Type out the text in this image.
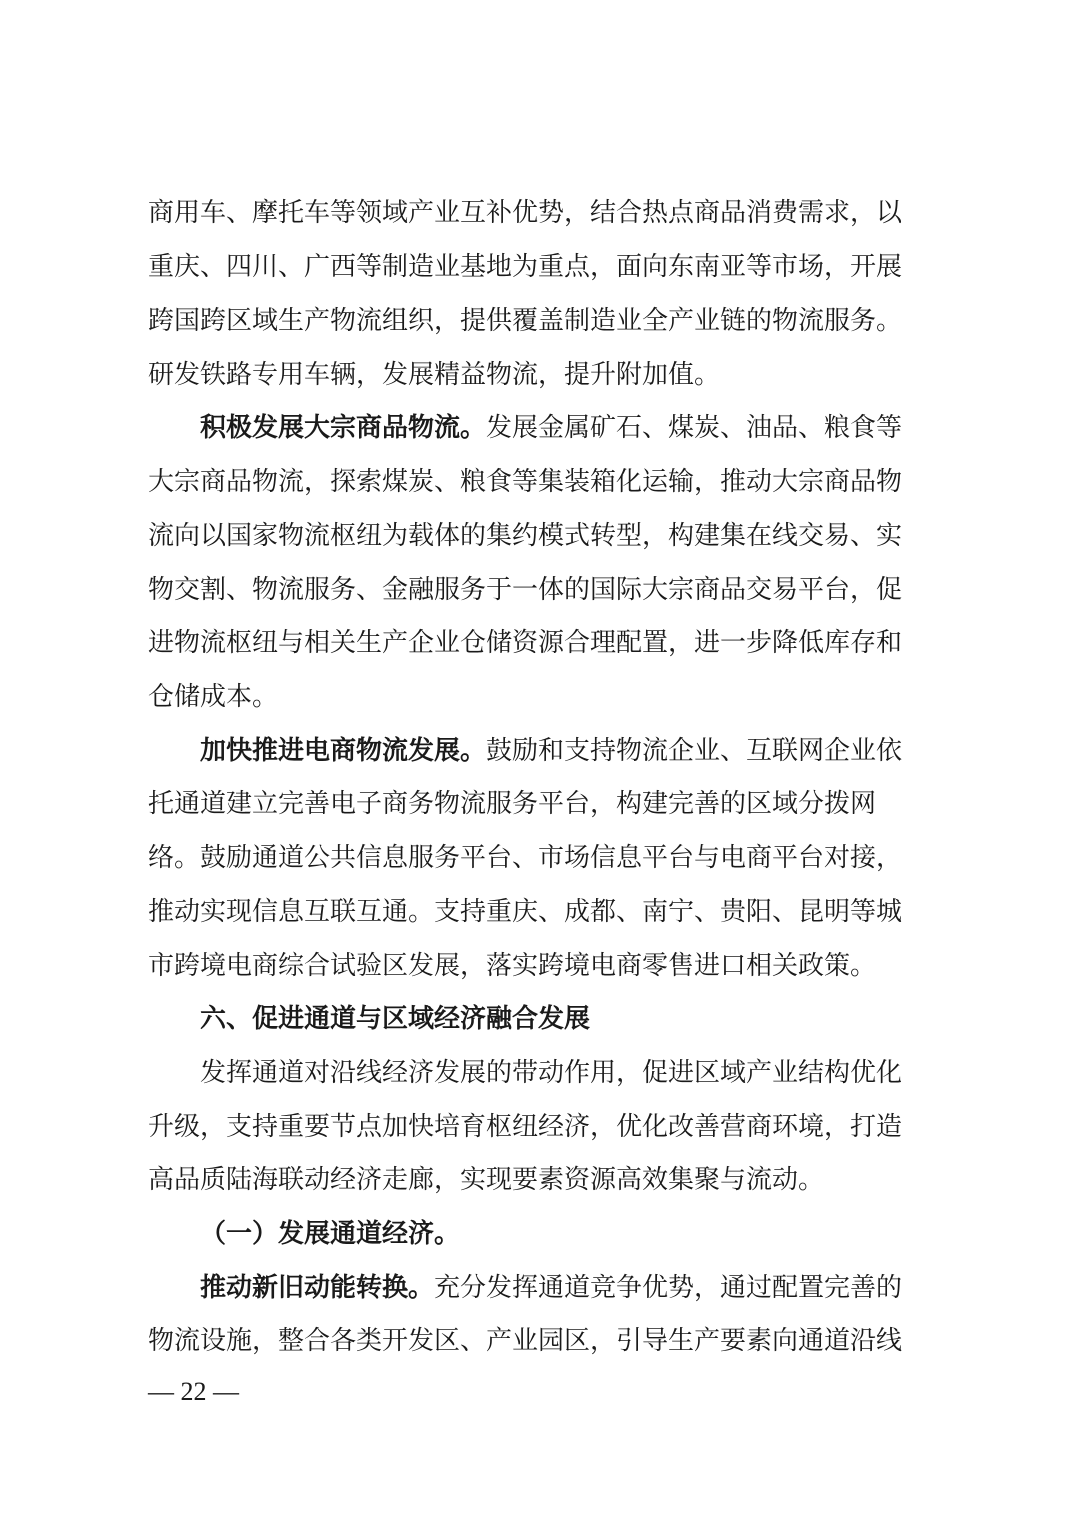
商用车、摩托车等领域产业互补优势，结合热点商品消费需求，以
重庆、四川、广西等制造业基地为重点，面向东南亚等市场，开展
跨国跨区域生产物流组织，提供覆盖制造业全产业链的物流服务。
研发铁路专用车辆，发展精益物流，提升附加值。
积极发展大宗商品物流。发展金属矿石、煤炭、油品、粮食等
大宗商品物流，探索煤炭、粮食等集装箱化运输，推动大宗商品物
流向以国家物流枢纽为载体的集约模式转型，构建集在线交易、实
物交割、物流服务、金融服务于一体的国际大宗商品交易平台，促
进物流枢纽与相关生产企业仓储资源合理配置，进一步降低库存和
仓储成本。
加快推进电商物流发展。鼓励和支持物流企业、互联网企业依
托通道建立完善电子商务物流服务平台，构建完善的区域分拨网
络。鼓励通道公共信息服务平台、市场信息平台与电商平台对接，
推动实现信息互联互通。支持重庆、成都、南宁、贵阳、昆明等城
市跨境电商综合试验区发展，落实跨境电商零售进口相关政策。
六、促进通道与区域经济融合发展
发挥通道对沿线经济发展的带动作用，促进区域产业结构优化
升级，支持重要节点加快培育枢纽经济，优化改善营商环境，打造
高品质陆海联动经济走廊，实现要素资源高效集聚与流动。
（一）发展通道经济。
推动新旧动能转换。充分发挥通道竞争优势，通过配置完善的
物流设施，整合各类开发区、产业园区，引导生产要素向通道沿线
— 22 —
